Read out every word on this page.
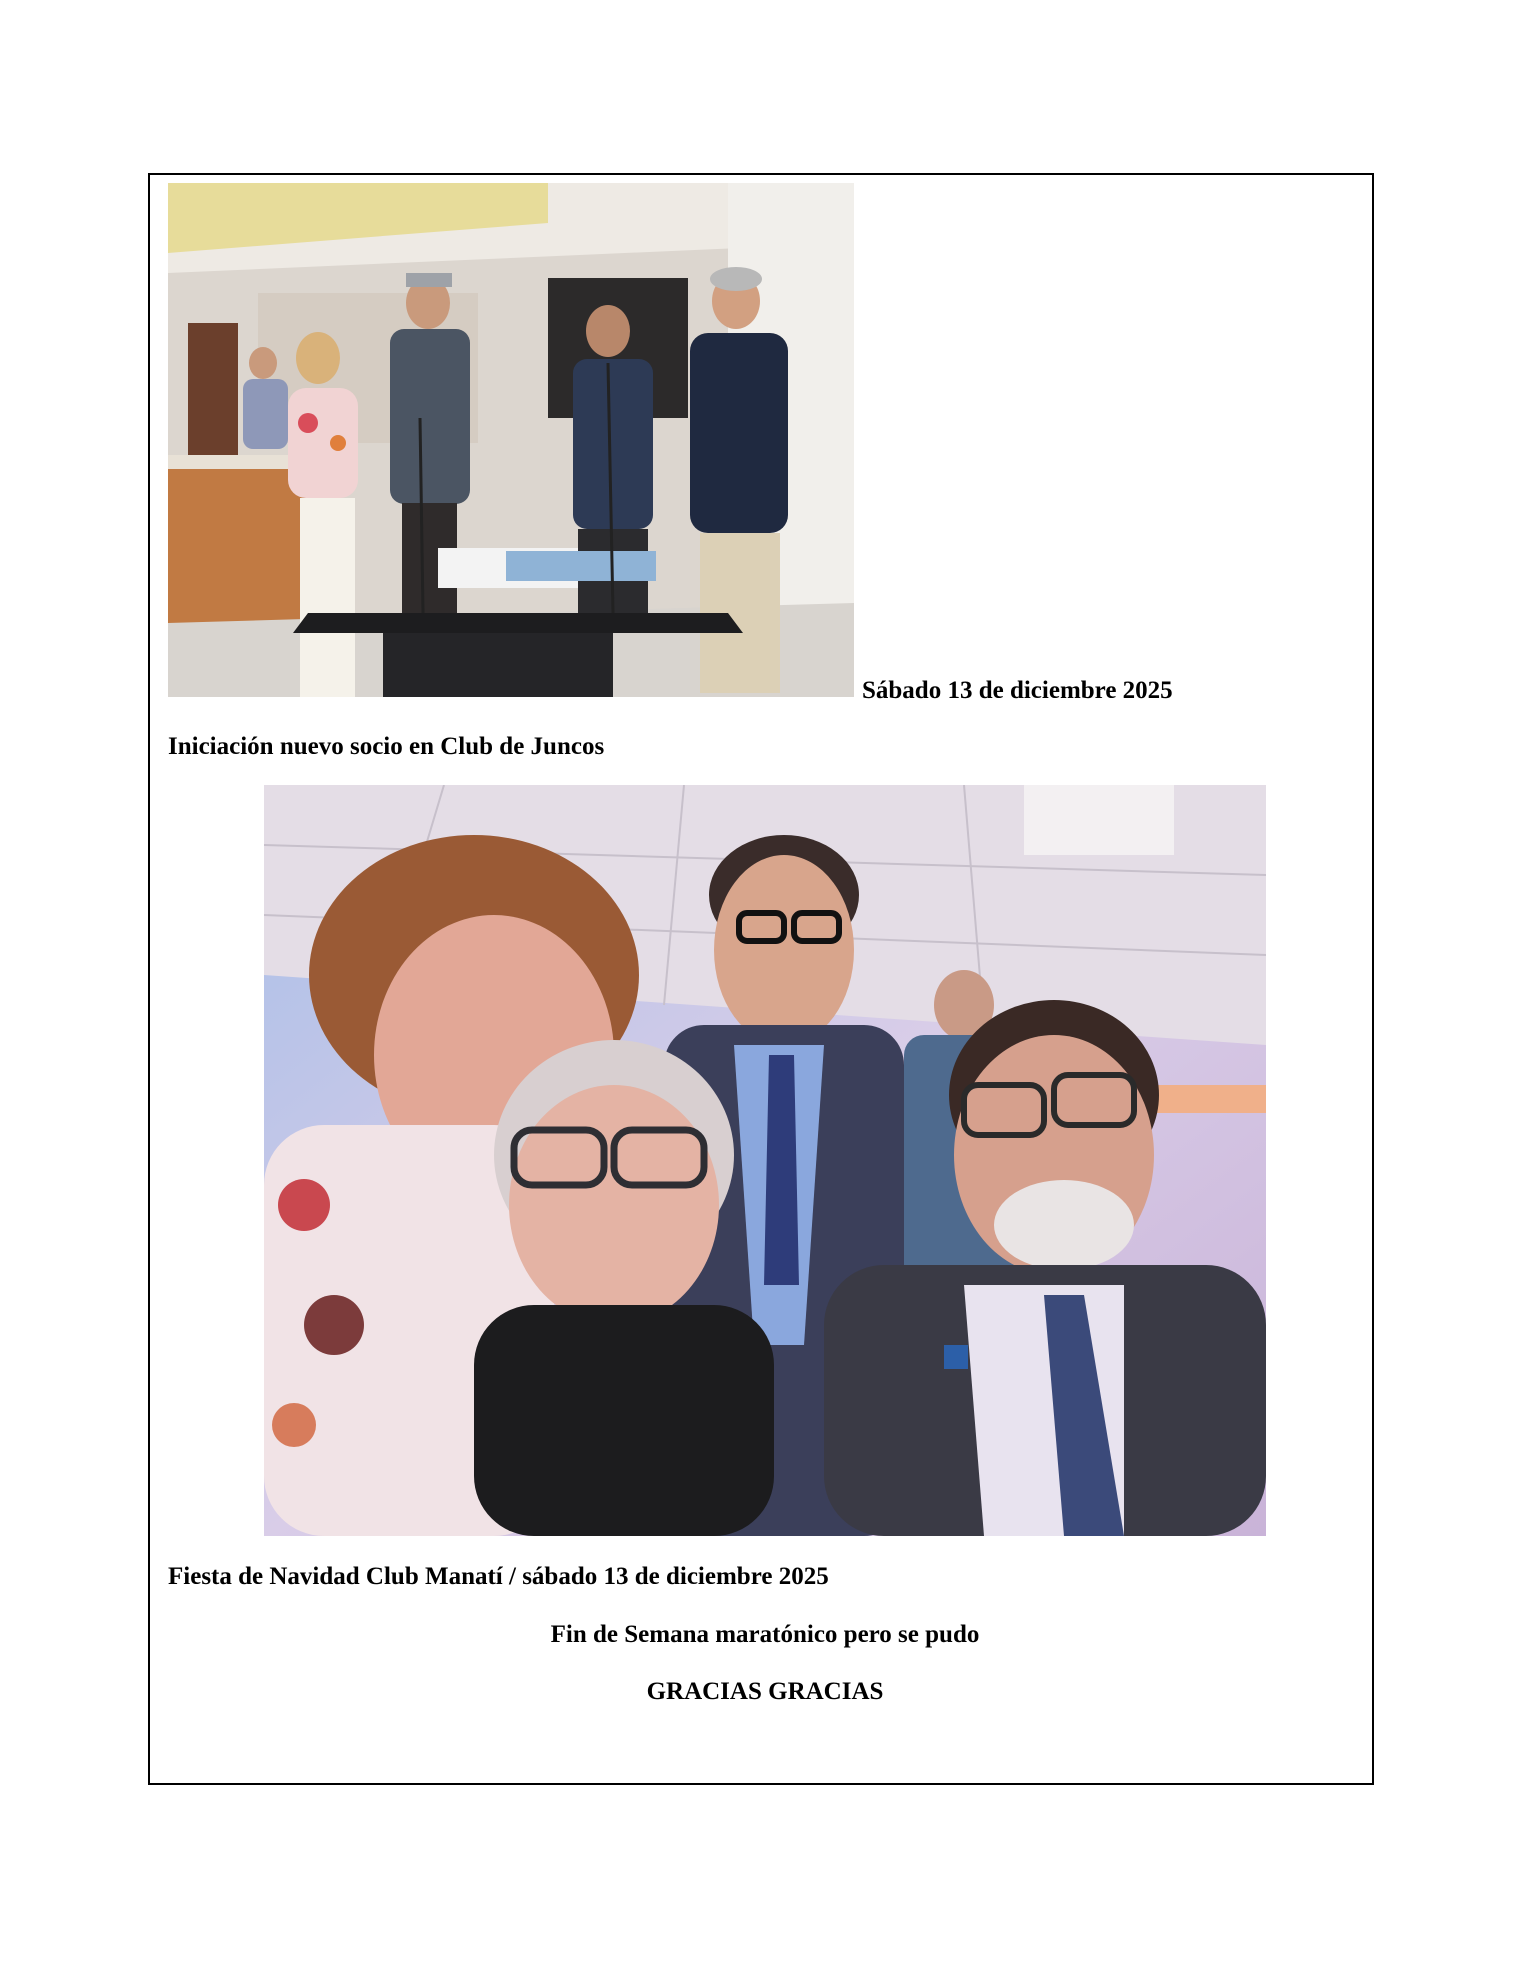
Sábado 13 de diciembre 2025
Iniciación nuevo socio en Club de Juncos
Fiesta de Navidad Club Manatí / sábado 13 de diciembre 2025
Fin de Semana maratónico pero se pudo
GRACIAS GRACIAS
